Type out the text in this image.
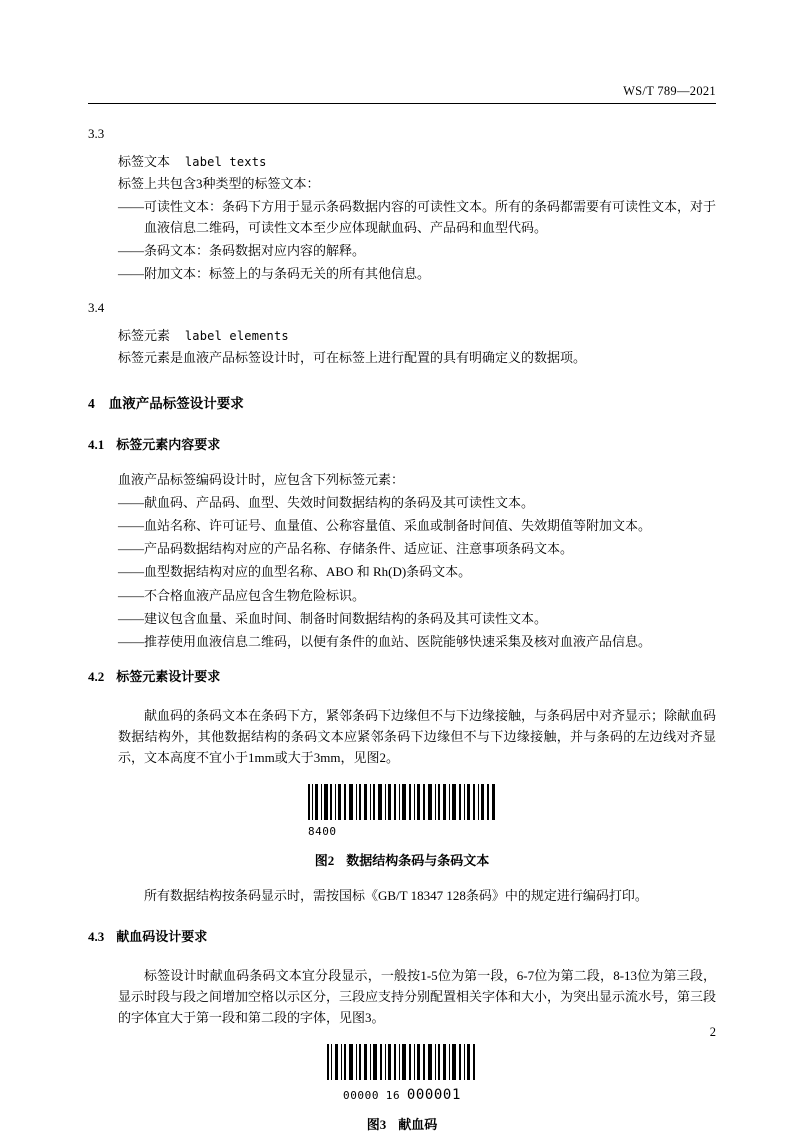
WS/T 789—2021
3.3
标签文本 label texts

标签上共包含3种类型的标签文本：

——可读性文本：条码下方用于显示条码数据内容的可读性文本。所有的条码都需要有可读性文本，对于血液信息二维码，可读性文本至少应体现献血码、产品码和血型代码。

——条码文本：条码数据对应内容的解释。

——附加文本：标签上的与条码无关的所有其他信息。

3.4
标签元素 label elements

标签元素是血液产品标签设计时，可在标签上进行配置的具有明确定义的数据项。

4 血液产品标签设计要求
4.1 标签元素内容要求

血液产品标签编码设计时，应包含下列标签元素：

——献血码、产品码、血型、失效时间数据结构的条码及其可读性文本。

——血站名称、许可证号、血量值、公称容量值、采血或制备时间值、失效期值等附加文本。

——产品码数据结构对应的产品名称、存储条件、适应证、注意事项条码文本。

——血型数据结构对应的血型名称、ABO 和 Rh(D)条码文本。

——不合格血液产品应包含生物危险标识。

——建议包含血量、采血时间、制备时间数据结构的条码及其可读性文本。

——推荐使用血液信息二维码，以便有条件的血站、医院能够快速采集及核对血液产品信息。

4.2 标签元素设计要求

献血码的条码文本在条码下方，紧邻条码下边缘但不与下边缘接触，与条码居中对齐显示；除献血码数据结构外，其他数据结构的条码文本应紧邻条码下边缘但不与下边缘接触，并与条码的左边线对齐显示，文本高度不宜小于1mm或大于3mm，见图2。

8400
图2 数据结构条码与条码文本

所有数据结构按条码显示时，需按国标《GB/T 18347 128条码》中的规定进行编码打印。

4.3 献血码设计要求

标签设计时献血码条码文本宜分段显示，一般按1-5位为第一段，6-7位为第二段，8-13位为第三段，显示时段与段之间增加空格以示区分，三段应支持分别配置相关字体和大小，为突出显示流水号，第三段的字体宜大于第一段和第二段的字体，见图3。

00000 16 000001
图3 献血码
2
